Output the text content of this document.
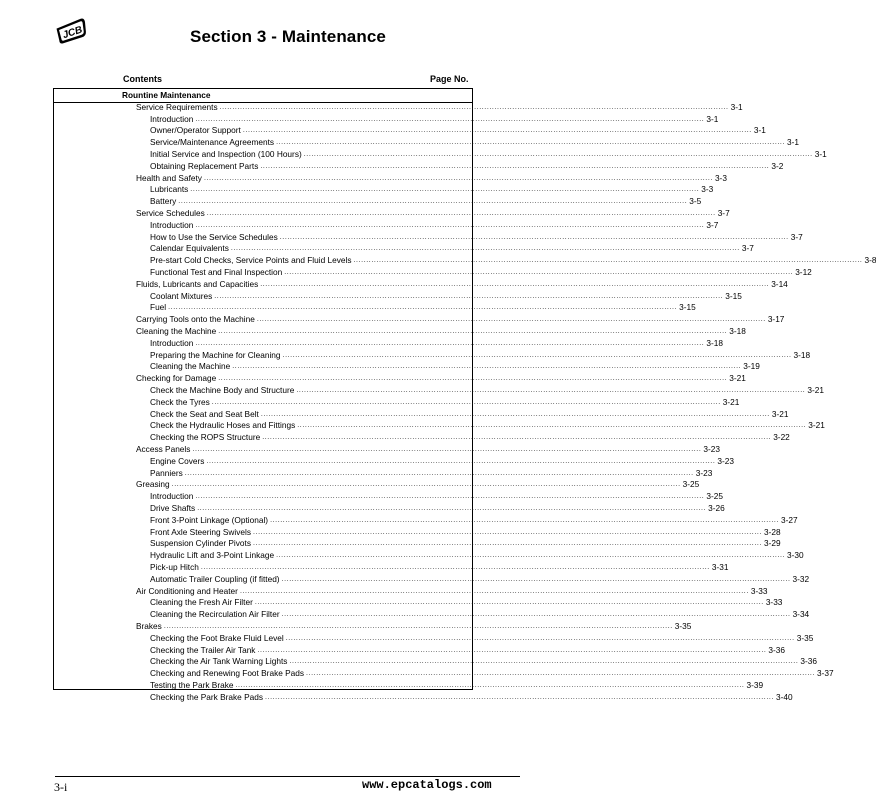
JCB	Section 3 - Maintenance
Contents	Page No.
Rountine Maintenance
Service Requirements ........................................................................................................................................................................................................ 3-1
Introduction ........................................................................................................................................................................................................ 3-1
Owner/Operator Support ........................................................................................................................................................................................................ 3-1
Service/Maintenance Agreements ........................................................................................................................................................................................................ 3-1
Initial Service and Inspection (100 Hours) ........................................................................................................................................................................................................ 3-1
Obtaining Replacement Parts ........................................................................................................................................................................................................ 3-2
Health and Safety ........................................................................................................................................................................................................ 3-3
Lubricants ........................................................................................................................................................................................................ 3-3
Battery ........................................................................................................................................................................................................ 3-5
Service Schedules ........................................................................................................................................................................................................ 3-7
Introduction ........................................................................................................................................................................................................ 3-7
How to Use the Service Schedules ........................................................................................................................................................................................................ 3-7
Calendar Equivalents ........................................................................................................................................................................................................ 3-7
Pre-start Cold Checks, Service Points and Fluid Levels ........................................................................................................................................................................................................ 3-8
Functional Test and Final Inspection ........................................................................................................................................................................................................ 3-12
Fluids, Lubricants and Capacities ........................................................................................................................................................................................................ 3-14
Coolant Mixtures ........................................................................................................................................................................................................ 3-15
Fuel ........................................................................................................................................................................................................ 3-15
Carrying Tools onto the Machine ........................................................................................................................................................................................................ 3-17
Cleaning the Machine ........................................................................................................................................................................................................ 3-18
Introduction ........................................................................................................................................................................................................ 3-18
Preparing the Machine for Cleaning ........................................................................................................................................................................................................ 3-18
Cleaning the Machine ........................................................................................................................................................................................................ 3-19
Checking for Damage ........................................................................................................................................................................................................ 3-21
Check the Machine Body and Structure ........................................................................................................................................................................................................ 3-21
Check the Tyres ........................................................................................................................................................................................................ 3-21
Check the Seat and Seat Belt ........................................................................................................................................................................................................ 3-21
Check the Hydraulic Hoses and Fittings ........................................................................................................................................................................................................ 3-21
Checking the ROPS Structure ........................................................................................................................................................................................................ 3-22
Access Panels ........................................................................................................................................................................................................ 3-23
Engine Covers ........................................................................................................................................................................................................ 3-23
Panniers ........................................................................................................................................................................................................ 3-23
Greasing ........................................................................................................................................................................................................ 3-25
Introduction ........................................................................................................................................................................................................ 3-25
Drive Shafts ........................................................................................................................................................................................................ 3-26
Front 3-Point Linkage (Optional) ........................................................................................................................................................................................................ 3-27
Front Axle Steering Swivels ........................................................................................................................................................................................................ 3-28
Suspension Cylinder Pivots ........................................................................................................................................................................................................ 3-29
Hydraulic Lift and 3-Point Linkage ........................................................................................................................................................................................................ 3-30
Pick-up Hitch ........................................................................................................................................................................................................ 3-31
Automatic Trailer Coupling (if fitted) ........................................................................................................................................................................................................ 3-32
Air Conditioning and Heater ........................................................................................................................................................................................................ 3-33
Cleaning the Fresh Air Filter ........................................................................................................................................................................................................ 3-33
Cleaning the Recirculation Air Filter ........................................................................................................................................................................................................ 3-34
Brakes ........................................................................................................................................................................................................ 3-35
Checking the Foot Brake Fluid Level ........................................................................................................................................................................................................ 3-35
Checking the Trailer Air Tank ........................................................................................................................................................................................................ 3-36
Checking the Air Tank Warning Lights ........................................................................................................................................................................................................ 3-36
Checking and Renewing Foot Brake Pads ........................................................................................................................................................................................................ 3-37
Testing the Park Brake ........................................................................................................................................................................................................ 3-39
Checking the Park Brake Pads ........................................................................................................................................................................................................ 3-40
3-i	www.epcatalogs.com
